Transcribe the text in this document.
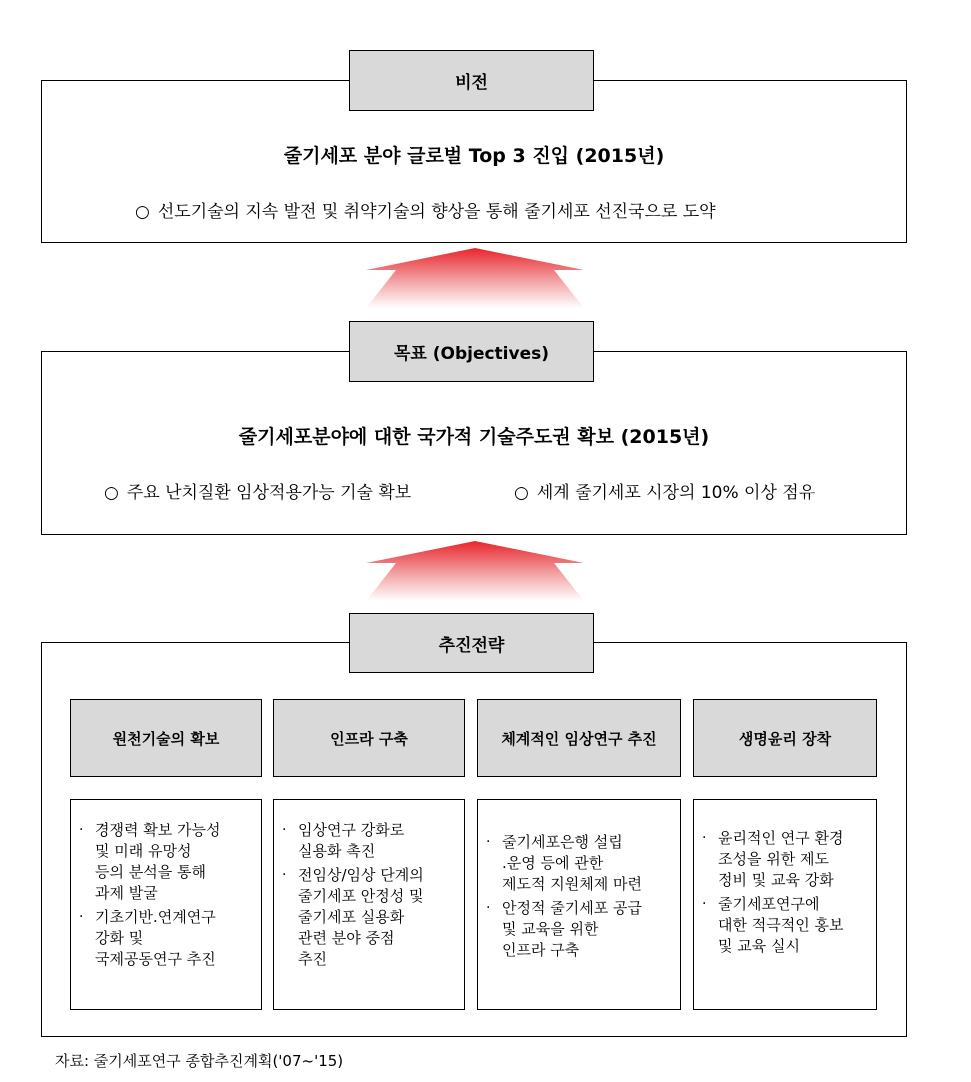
줄기세포 분야 글로벌 Top 3 진입 (2015년)
○ 선도기술의 지속 발전 및 취약기술의 향상을 통해 줄기세포 선진국으로 도약
비전
줄기세포분야에 대한 국가적 기술주도권 확보 (2015년)
○ 주요 난치질환 임상적용가능 기술 확보	○ 세계 줄기세포 시장의 10% 이상 점유
목표 (Objectives)
추진전략
원천기술의 확보
· 경쟁력 확보 가능성
및 미래 유망성
등의 분석을 통해
과제 발굴
· 기초기반.연계연구
강화 및
국제공동연구 추진
인프라 구축
· 임상연구 강화로
실용화 촉진
· 전임상/임상 단계의
줄기세포 안정성 및
줄기세포 실용화
관련 분야 중점
추진
체계적인 임상연구 추진
· 줄기세포은행 설립
.운영 등에 관한
제도적 지원체제 마련
· 안정적 줄기세포 공급
및 교육을 위한
인프라 구축
생명윤리 장착
· 윤리적인 연구 환경
조성을 위한 제도
정비 및 교육 강화
· 줄기세포연구에
대한 적극적인 홍보
및 교육 실시
자료: 줄기세포연구 종합추진계획('07~'15)
